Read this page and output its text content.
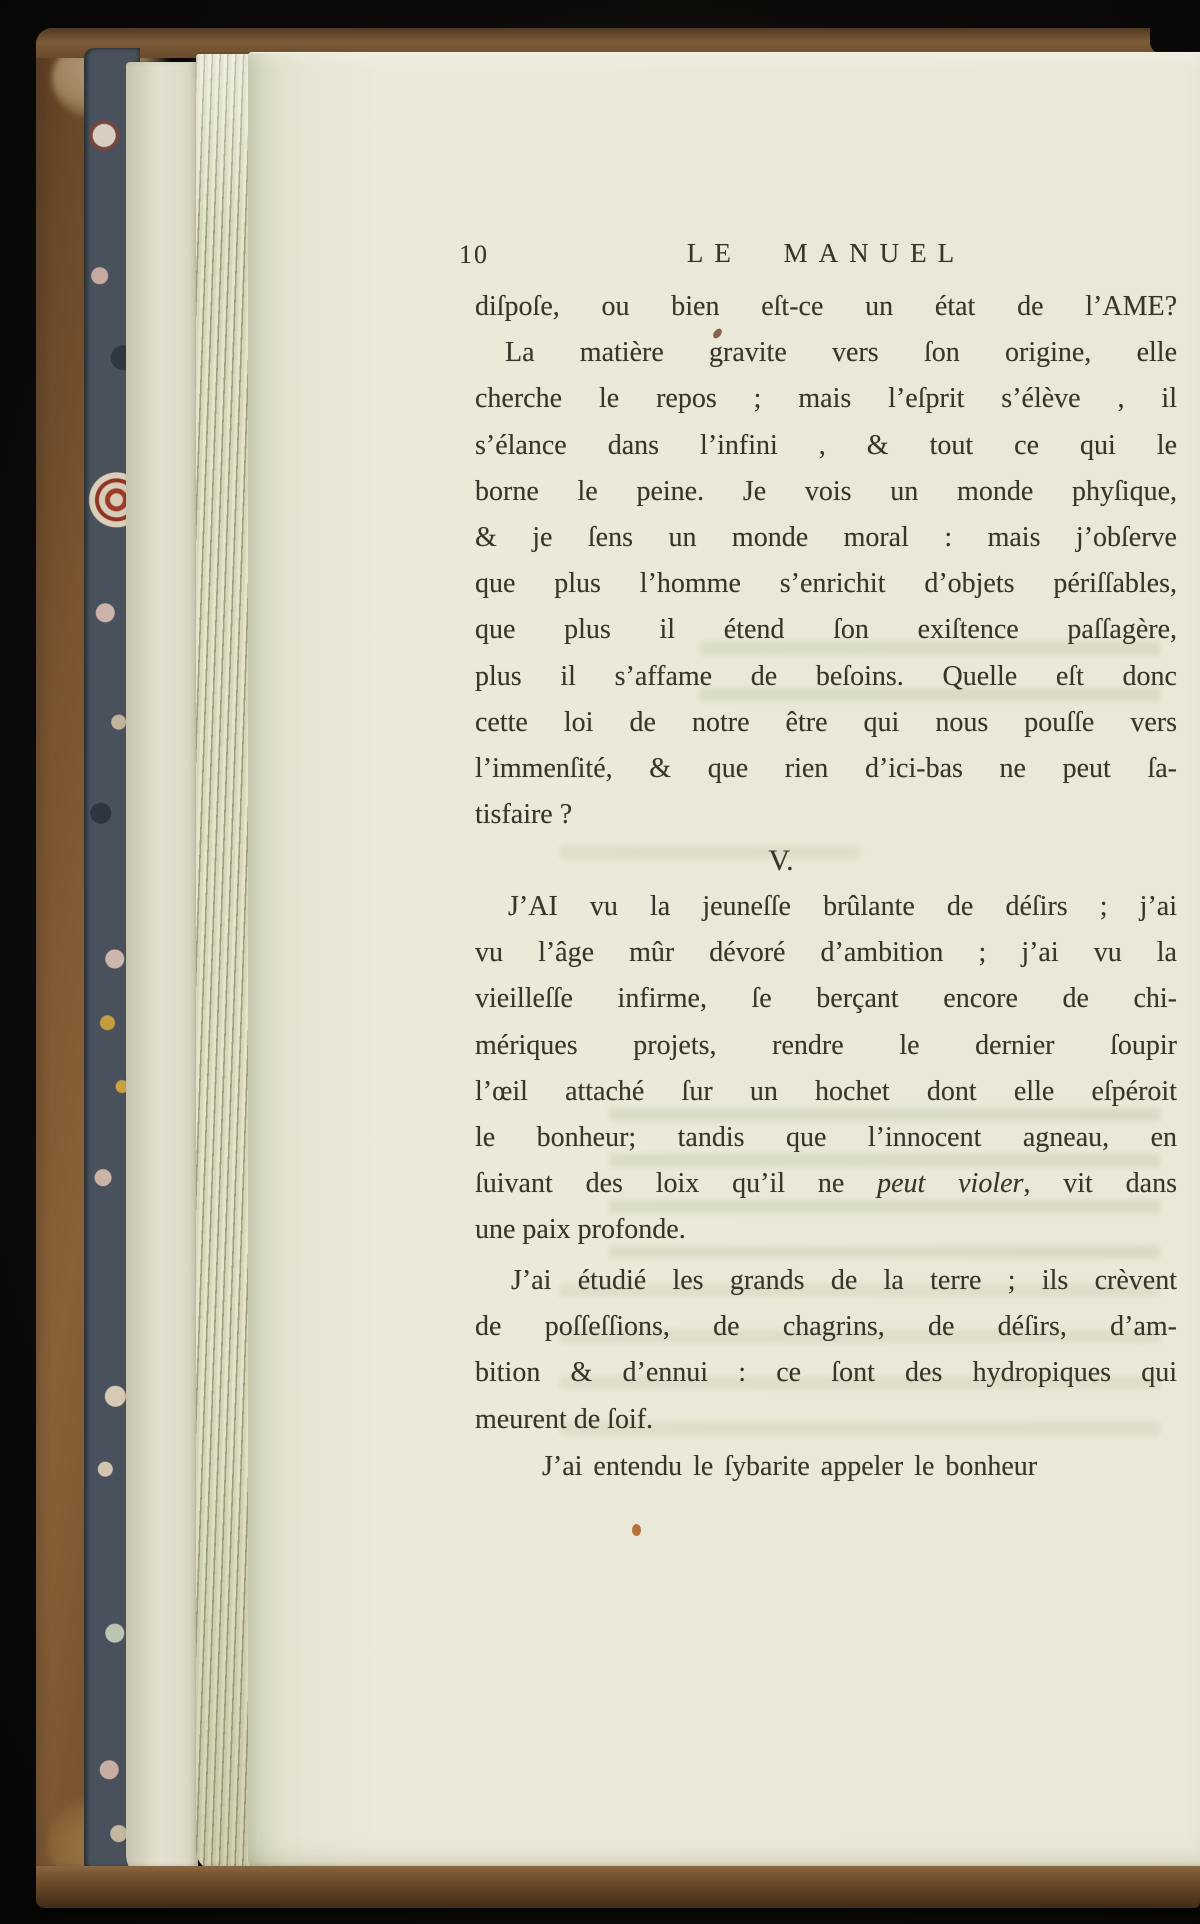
10	LE MANUEL
diſpoſe, ou bien eſt-ce un état de l’AME?
La matière gravite vers ſon origine, elle
cherche le repos ; mais l’eſprit s’élève , il
s’élance dans l’infini , & tout ce qui le
borne le peine. Je vois un monde phyſique,
& je ſens un monde moral : mais j’obſerve
que plus l’homme s’enrichit d’objets périſſables,
que plus il étend ſon exiſtence paſſagère,
plus il s’affame de beſoins. Quelle eſt donc
cette loi de notre être qui nous pouſſe vers
l’immenſité, & que rien d’ici-bas ne peut ſa-
tisfaire ?
V.
J’AI vu la jeuneſſe brûlante de déſirs ; j’ai
vu l’âge mûr dévoré d’ambition ; j’ai vu la
vieilleſſe infirme, ſe berçant encore de chi-
mériques projets, rendre le dernier ſoupir
l’œil attaché ſur un hochet dont elle eſpéroit
le bonheur; tandis que l’innocent agneau, en
ſuivant des loix qu’il ne peut violer, vit dans
une paix profonde.
J’ai étudié les grands de la terre ; ils crèvent
de poſſeſſions, de chagrins, de déſirs, d’am-
bition & d’ennui : ce ſont des hydropiques qui
meurent de ſoif.
J’ai entendu le ſybarite appeler le bonheur
